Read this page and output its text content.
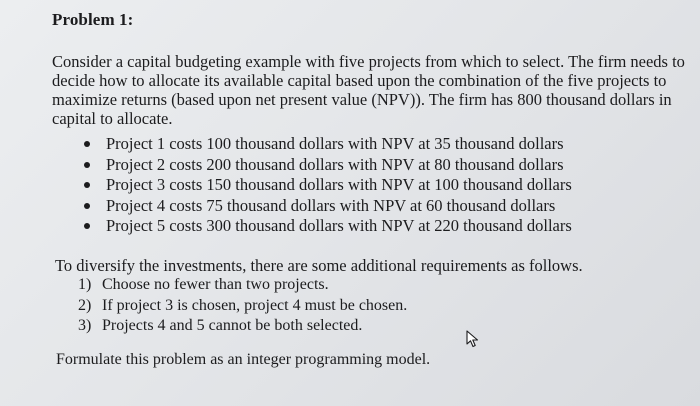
Problem 1:

Consider a capital budgeting example with five projects from which to select. The firm needs to decide how to allocate its available capital based upon the combination of the five projects to maximize returns (based upon net present value (NPV)). The firm has 800 thousand dollars in capital to allocate.

Project 1 costs 100 thousand dollars with NPV at 35 thousand dollars
Project 2 costs 200 thousand dollars with NPV at 80 thousand dollars
Project 3 costs 150 thousand dollars with NPV at 100 thousand dollars
Project 4 costs 75 thousand dollars with NPV at 60 thousand dollars
Project 5 costs 300 thousand dollars with NPV at 220 thousand dollars
To diversify the investments, there are some additional requirements as follows.
1) Choose no fewer than two projects.
2) If project 3 is chosen, project 4 must be chosen.
3) Projects 4 and 5 cannot be both selected.
Formulate this problem as an integer programming model.
